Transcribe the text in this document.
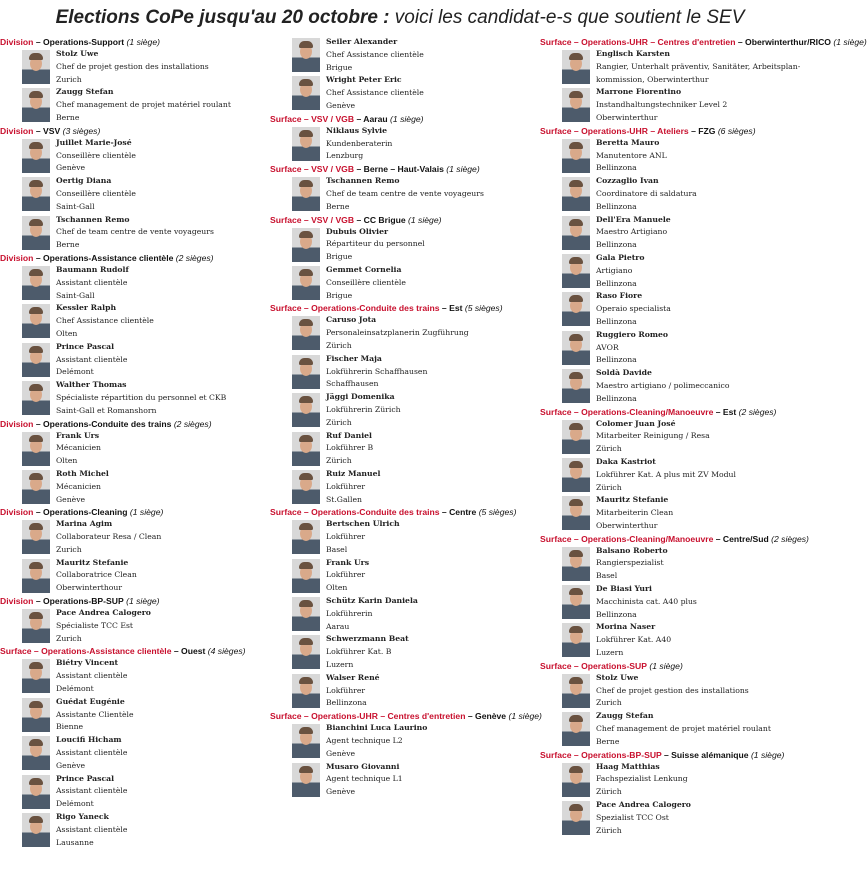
Elections CoPe jusqu'au 20 octobre : voici les candidat-e-s que soutient le SEV
Division – Operations-Support (1 siège)
Stolz Uwe
Chef de projet gestion des installations
Zurich
Zaugg Stefan
Chef management de projet matériel roulant
Berne
Division – VSV (3 sièges)
Juillet Marie-José
Conseillère clientèle
Genève
Oertig Diana
Conseillère clientèle
Saint-Gall
Tschannen Remo
Chef de team centre de vente voyageurs
Berne
Division – Operations-Assistance clientèle (2 sièges)
Baumann Rudolf
Assistant clientèle
Saint-Gall
Kessler Ralph
Chef Assistance clientèle
Olten
Prince Pascal
Assistant clientèle
Delémont
Walther Thomas
Spécialiste répartition du personnel et CKB
Saint-Gall et Romanshorn
Division – Operations-Conduite des trains (2 sièges)
Frank Urs
Mécanicien
Olten
Roth Michel
Mécanicien
Genève
Division – Operations-Cleaning (1 siège)
Marina Agim
Collaborateur Resa / Clean
Zurich
Mauritz Stefanie
Collaboratrice Clean
Oberwinterthour
Division – Operations-BP-SUP (1 siège)
Pace Andrea Calogero
Spécialiste TCC Est
Zurich
Surface – Operations-Assistance clientèle – Ouest (4 sièges)
Biétry Vincent
Assistant clientèle
Delémont
Guédat Eugénie
Assistante Clientèle
Bienne
Loucifi Hicham
Assistant clientèle
Genève
Prince Pascal
Assistant clientèle
Delémont
Rigo Yaneck
Assistant clientèle
Lausanne
Seiler Alexander
Chef Assistance clientèle
Brigue
Wright Peter Eric
Chef Assistance clientèle
Genève
Surface – VSV / VGB – Aarau (1 siège)
Niklaus Sylvie
Kundenberaterin
Lenzburg
Surface – VSV / VGB – Berne – Haut-Valais (1 siège)
Tschannen Remo
Chef de team centre de vente voyageurs
Berne
Surface – VSV / VGB – CC Brigue (1 siège)
Dubuis Olivier
Répartiteur du personnel
Brigue
Gemmet Cornelia
Conseillère clientèle
Brigue
Surface – Operations-Conduite des trains – Est (5 sièges)
Caruso Jota
Personaleinsatzplanerin Zugführung
Zürich
Fischer Maja
Lokführerin Schaffhausen
Schaffhausen
Jäggi Domenika
Lokführerin Zürich
Zürich
Ruf Daniel
Lokführer B
Zürich
Ruiz Manuel
Lokführer
St.Gallen
Surface – Operations-Conduite des trains – Centre (5 sièges)
Bertschen Ulrich
Lokführer
Basel
Frank Urs
Lokführer
Olten
Schütz Karin Daniela
Lokführerin
Aarau
Schwerzmann Beat
Lokführer Kat. B
Luzern
Walser René
Lokführer
Bellinzona
Surface – Operations-UHR – Centres d'entretien – Genève (1 siège)
Bianchini Luca Laurino
Agent technique L2
Genève
Musaro Giovanni
Agent technique L1
Genève
Surface – Operations-UHR – Centres d'entretien – Oberwinterthur/RICO (1 siège)
Englisch Karsten
Rangier, Unterhalt präventiv, Sanitäter, Arbeitsplan-
kommission, Oberwinterthur
Marrone Fiorentino
Instandhaltungstechniker Level 2
Oberwinterthur
Surface – Operations-UHR – Ateliers – FZG (6 sièges)
Beretta Mauro
Manutentore ANL
Bellinzona
Cozzaglio Ivan
Coordinatore di saldatura
Bellinzona
Dell'Era Manuele
Maestro Artigiano
Bellinzona
Gala Pietro
Artigiano
Bellinzona
Raso Fiore
Operaio specialista
Bellinzona
Ruggiero Romeo
AVOR
Bellinzona
Soldà Davide
Maestro artigiano / polimeccanico
Bellinzona
Surface – Operations-Cleaning/Manoeuvre – Est (2 sièges)
Colomer Juan José
Mitarbeiter Reinigung / Resa
Zürich
Daka Kastriot
Lokführer Kat. A plus mit ZV Modul
Zürich
Mauritz Stefanie
Mitarbeiterin Clean
Oberwinterthur
Surface – Operations-Cleaning/Manoeuvre – Centre/Sud (2 sièges)
Balsano Roberto
Rangierspezialist
Basel
De Biasi Yuri
Macchinista cat. A40 plus
Bellinzona
Morina Naser
Lokführer Kat. A40
Luzern
Surface – Operations-SUP (1 siège)
Stolz Uwe
Chef de projet gestion des installations
Zurich
Zaugg Stefan
Chef management de projet matériel roulant
Berne
Surface – Operations-BP-SUP – Suisse alémanique (1 siège)
Haag Matthias
Fachspezialist Lenkung
Zürich
Pace Andrea Calogero
Spezialist TCC Ost
Zürich
